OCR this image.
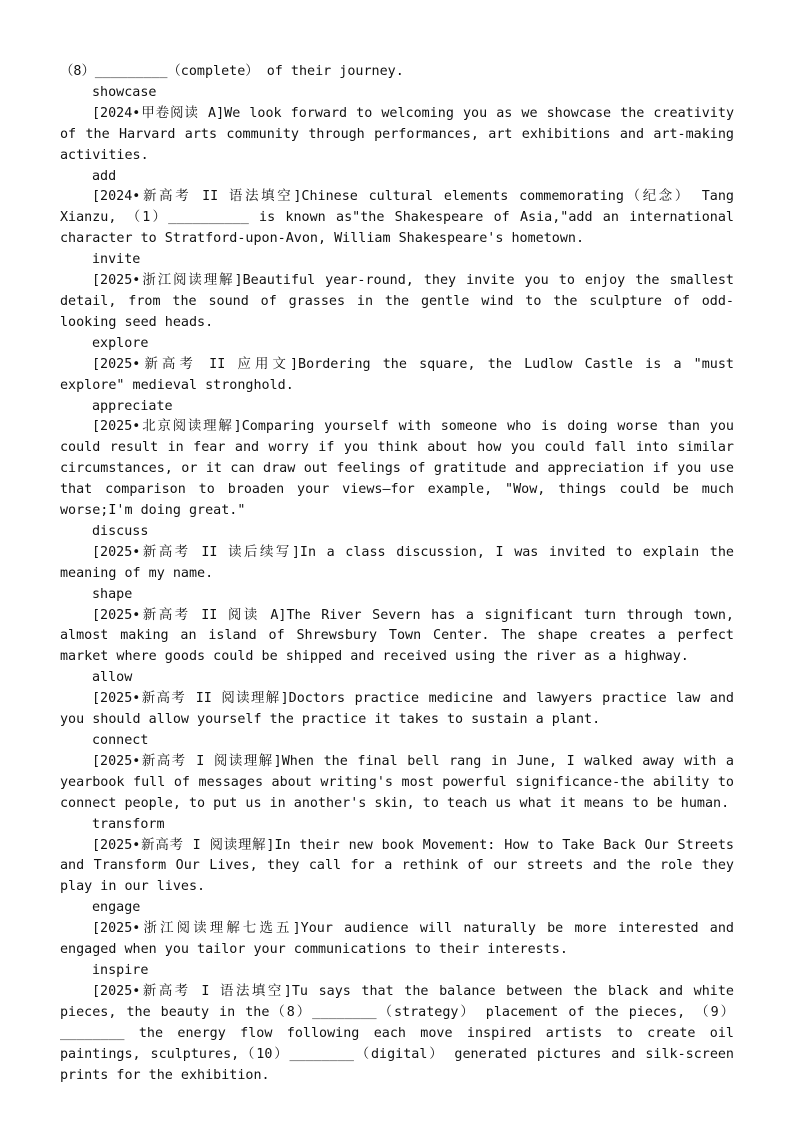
（8）_________（complete） of their journey.
showcase
[2024•甲卷阅读 A]We look forward to welcoming you as we showcase the creativity of the Harvard arts community through performances, art exhibitions and art-making activities.
add
[2024•新高考 II 语法填空]Chinese cultural elements commemorating（纪念） Tang Xianzu, （1）__________ is known as"the Shakespeare of Asia,"add an international character to Stratford-upon-Avon, William Shakespeare's hometown.
invite
[2025•浙江阅读理解]Beautiful year-round, they invite you to enjoy the smallest detail, from the sound of grasses in the gentle wind to the sculpture of odd-looking seed heads.
explore
[2025•新高考 II 应用文]Bordering the square, the Ludlow Castle is a "must explore" medieval stronghold.
appreciate
[2025•北京阅读理解]Comparing yourself with someone who is doing worse than you could result in fear and worry if you think about how you could fall into similar circumstances, or it can draw out feelings of gratitude and appreciation if you use that comparison to broaden your views—for example, "Wow, things could be much worse;I'm doing great."
discuss
[2025•新高考 II 读后续写]In a class discussion, I was invited to explain the meaning of my name.
shape
[2025•新高考 II 阅读 A]The River Severn has a significant turn through town, almost making an island of Shrewsbury Town Center. The shape creates a perfect market where goods could be shipped and received using the river as a highway.
allow
[2025•新高考 II 阅读理解]Doctors practice medicine and lawyers practice law and you should allow yourself the practice it takes to sustain a plant.
connect
[2025•新高考 I 阅读理解]When the final bell rang in June, I walked away with a yearbook full of messages about writing's most powerful significance-the ability to connect people, to put us in another's skin, to teach us what it means to be human.
transform
[2025•新高考 I 阅读理解]In their new book Movement: How to Take Back Our Streets and Transform Our Lives, they call for a rethink of our streets and the role they play in our lives.
engage
[2025•浙江阅读理解七选五]Your audience will naturally be more interested and engaged when you tailor your communications to their interests.
inspire
[2025•新高考 I 语法填空]Tu says that the balance between the black and white pieces, the beauty in the（8）________（strategy） placement of the pieces, （9）________ the energy flow following each move inspired artists to create oil paintings, sculptures,（10）________（digital） generated pictures and silk-screen prints for the exhibition.
